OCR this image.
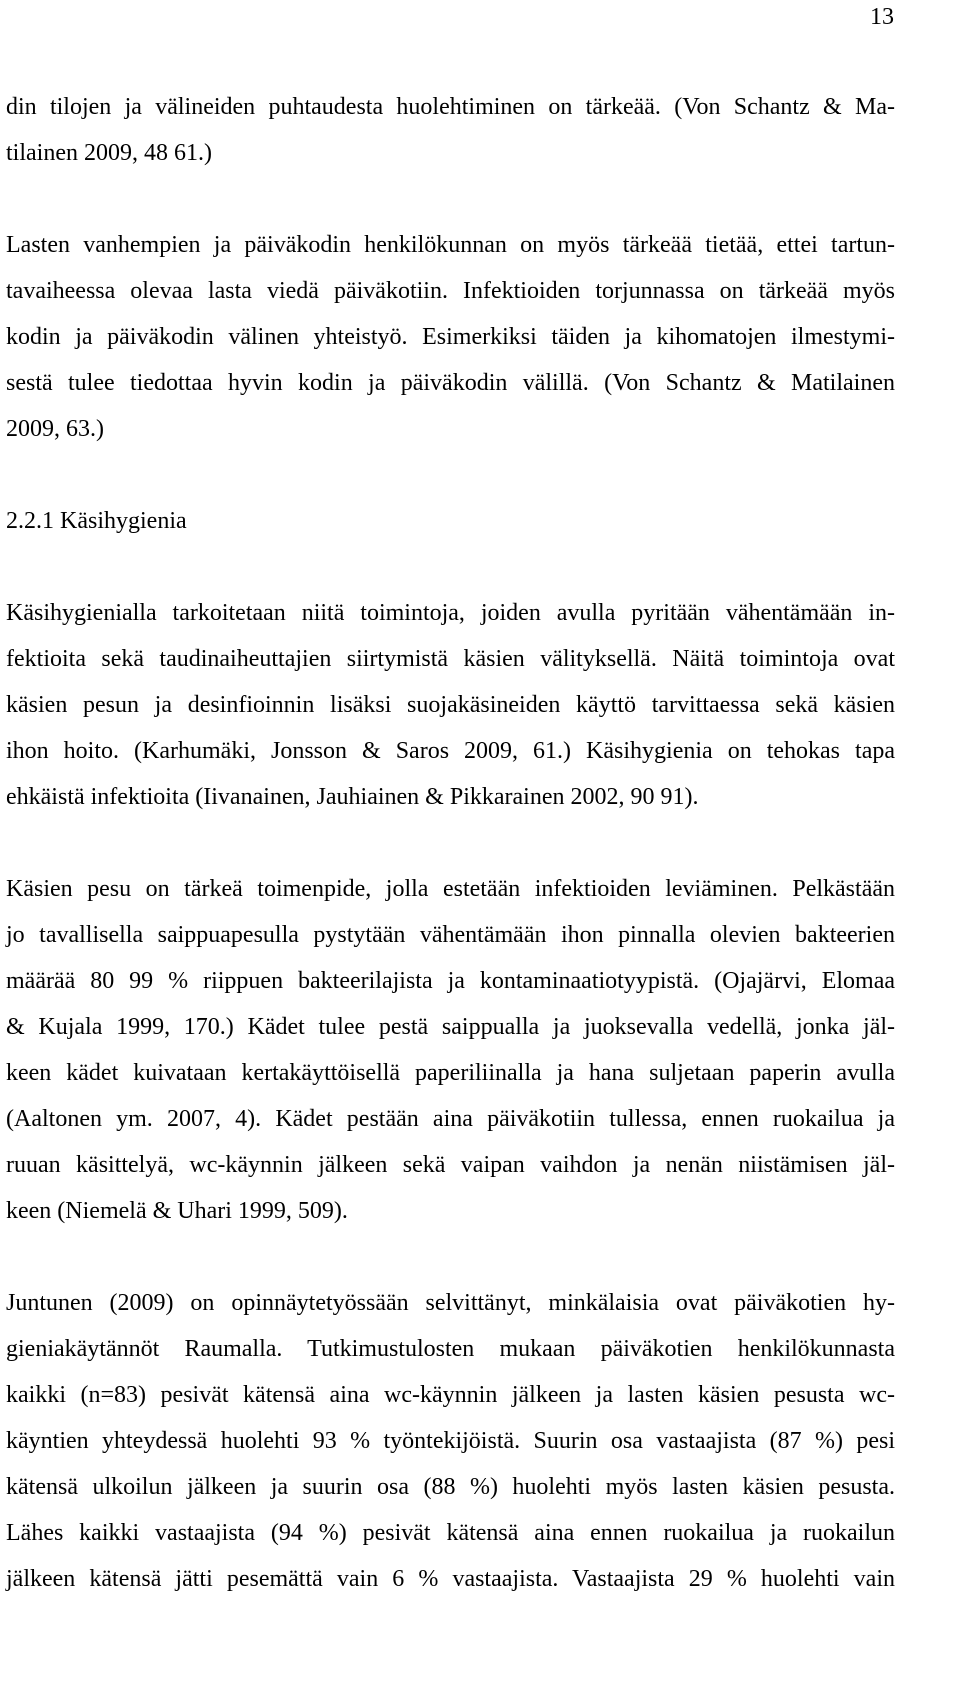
13
din tilojen ja välineiden puhtaudesta huolehtiminen on tärkeää. (Von Schantz & Ma-
tilainen 2009, 48 61.)
Lasten vanhempien ja päiväkodin henkilökunnan on myös tärkeää tietää, ettei tartun-
tavaiheessa olevaa lasta viedä päiväkotiin. Infektioiden torjunnassa on tärkeää myös
kodin ja päiväkodin välinen yhteistyö. Esimerkiksi täiden ja kihomatojen ilmestymi-
sestä tulee tiedottaa hyvin kodin ja päiväkodin välillä. (Von Schantz & Matilainen
2009, 63.)
2.2.1 Käsihygienia
Käsihygienialla tarkoitetaan niitä toimintoja, joiden avulla pyritään vähentämään in-
fektioita sekä taudinaiheuttajien siirtymistä käsien välityksellä. Näitä toimintoja ovat
käsien pesun ja desinfioinnin lisäksi suojakäsineiden käyttö tarvittaessa sekä käsien
ihon hoito. (Karhumäki, Jonsson & Saros 2009, 61.) Käsihygienia on tehokas tapa
ehkäistä infektioita (Iivanainen, Jauhiainen & Pikkarainen 2002, 90 91).
Käsien pesu on tärkeä toimenpide, jolla estetään infektioiden leviäminen. Pelkästään
jo tavallisella saippuapesulla pystytään vähentämään ihon pinnalla olevien bakteerien
määrää 80 99 % riippuen bakteerilajista ja kontaminaatiotyypistä. (Ojajärvi, Elomaa
& Kujala 1999, 170.) Kädet tulee pestä saippualla ja juoksevalla vedellä, jonka jäl-
keen kädet kuivataan kertakäyttöisellä paperiliinalla ja hana suljetaan paperin avulla
(Aaltonen ym. 2007, 4). Kädet pestään aina päiväkotiin tullessa, ennen ruokailua ja
ruuan käsittelyä, wc-käynnin jälkeen sekä vaipan vaihdon ja nenän niistämisen jäl-
keen (Niemelä & Uhari 1999, 509).
Juntunen (2009) on opinnäytetyössään selvittänyt, minkälaisia ovat päiväkotien hy-
gieniakäytännöt Raumalla. Tutkimustulosten mukaan päiväkotien henkilökunnasta
kaikki (n=83) pesivät kätensä aina wc-käynnin jälkeen ja lasten käsien pesusta wc-
käyntien yhteydessä huolehti 93 % työntekijöistä. Suurin osa vastaajista (87 %) pesi
kätensä ulkoilun jälkeen ja suurin osa (88 %) huolehti myös lasten käsien pesusta.
Lähes kaikki vastaajista (94 %) pesivät kätensä aina ennen ruokailua ja ruokailun
jälkeen kätensä jätti pesemättä vain 6 % vastaajista. Vastaajista 29 % huolehti vain
